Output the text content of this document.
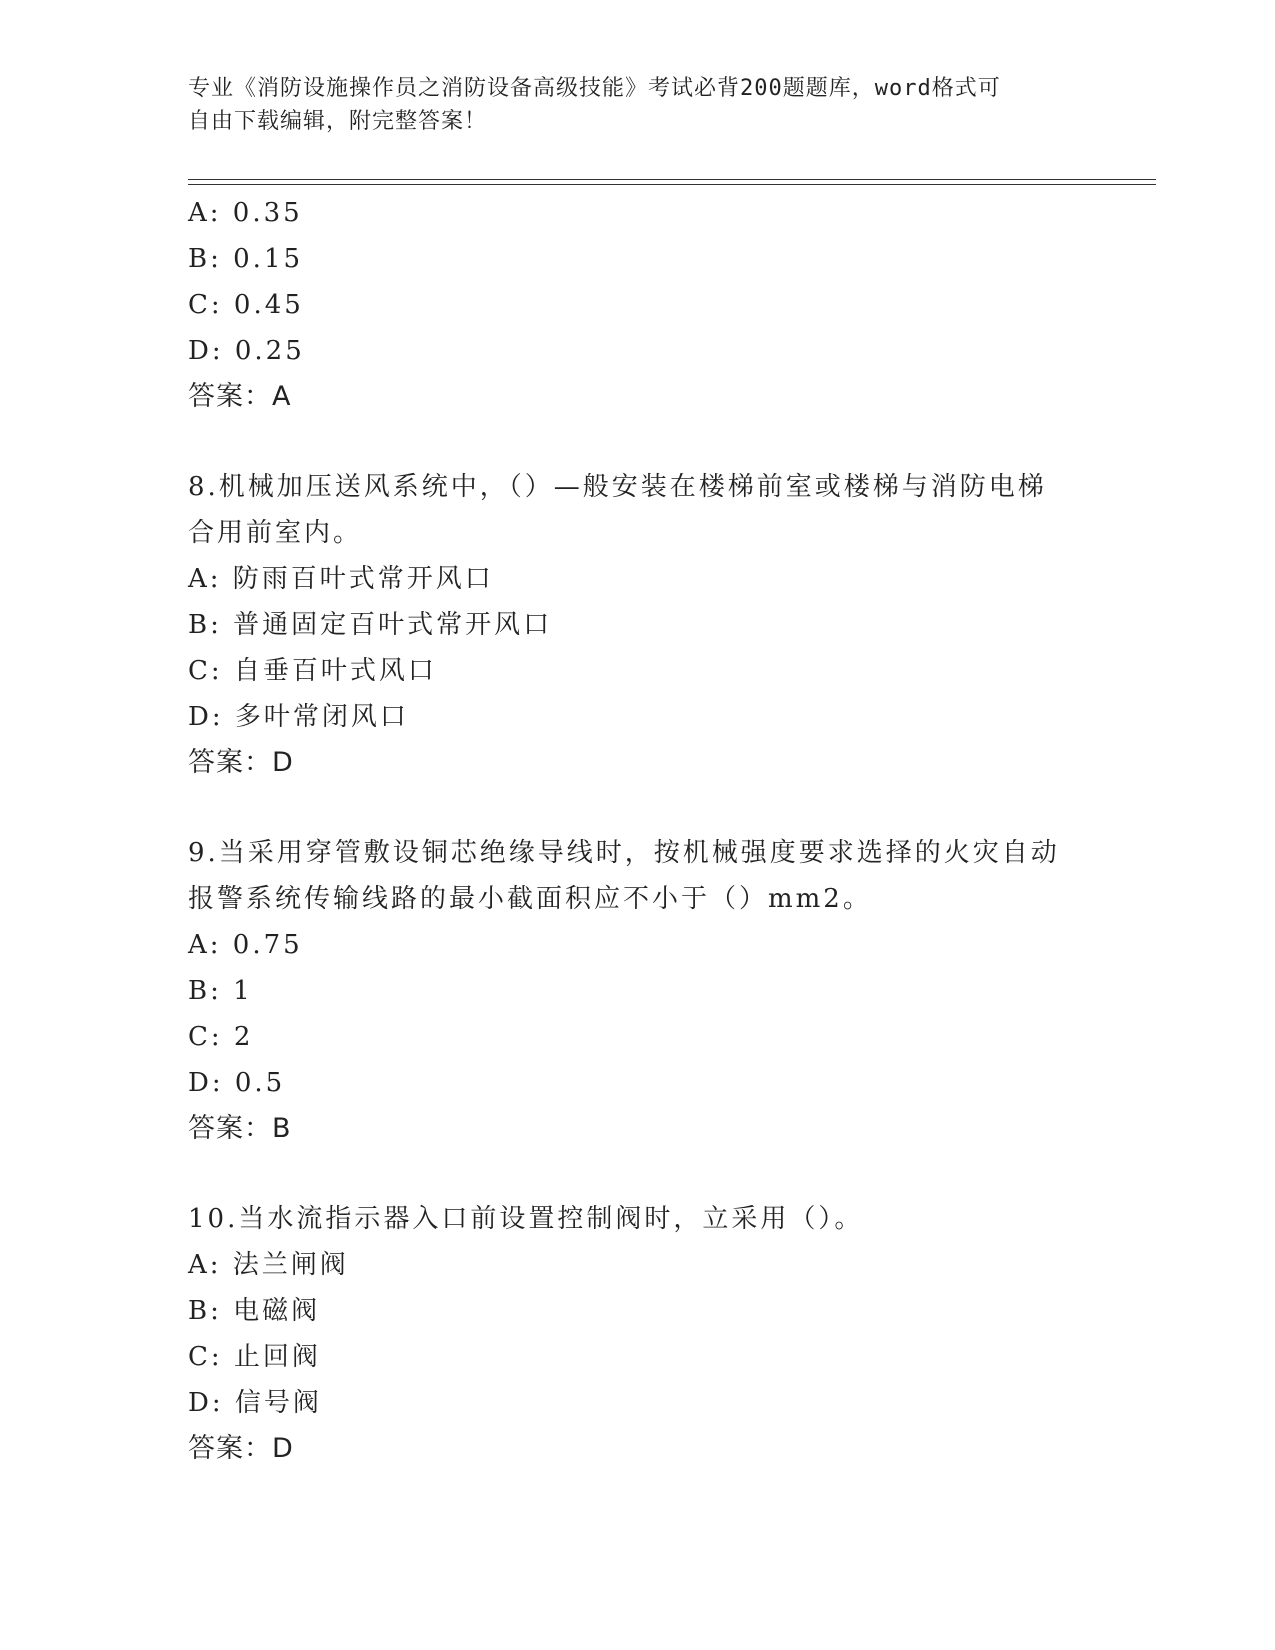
专业《消防设施操作员之消防设备高级技能》考试必背200题题库，word格式可
自由下载编辑，附完整答案！
A: 0.35
B: 0.15
C: 0.45
D: 0.25
答案：A
8.机械加压送风系统中，（）—般安装在楼梯前室或楼梯与消防电梯
合用前室内。
A: 防雨百叶式常开风口
B: 普通固定百叶式常开风口
C: 自垂百叶式风口
D: 多叶常闭风口
答案：D
9.当采用穿管敷设铜芯绝缘导线时，按机械强度要求选择的火灾自动
报警系统传输线路的最小截面积应不小于（）mm2。
A: 0.75
B: 1
C: 2
D: 0.5
答案：B
10.当水流指示器入口前设置控制阀时，立采用（）。
A: 法兰闸阀
B: 电磁阀
C: 止回阀
D: 信号阀
答案：D
